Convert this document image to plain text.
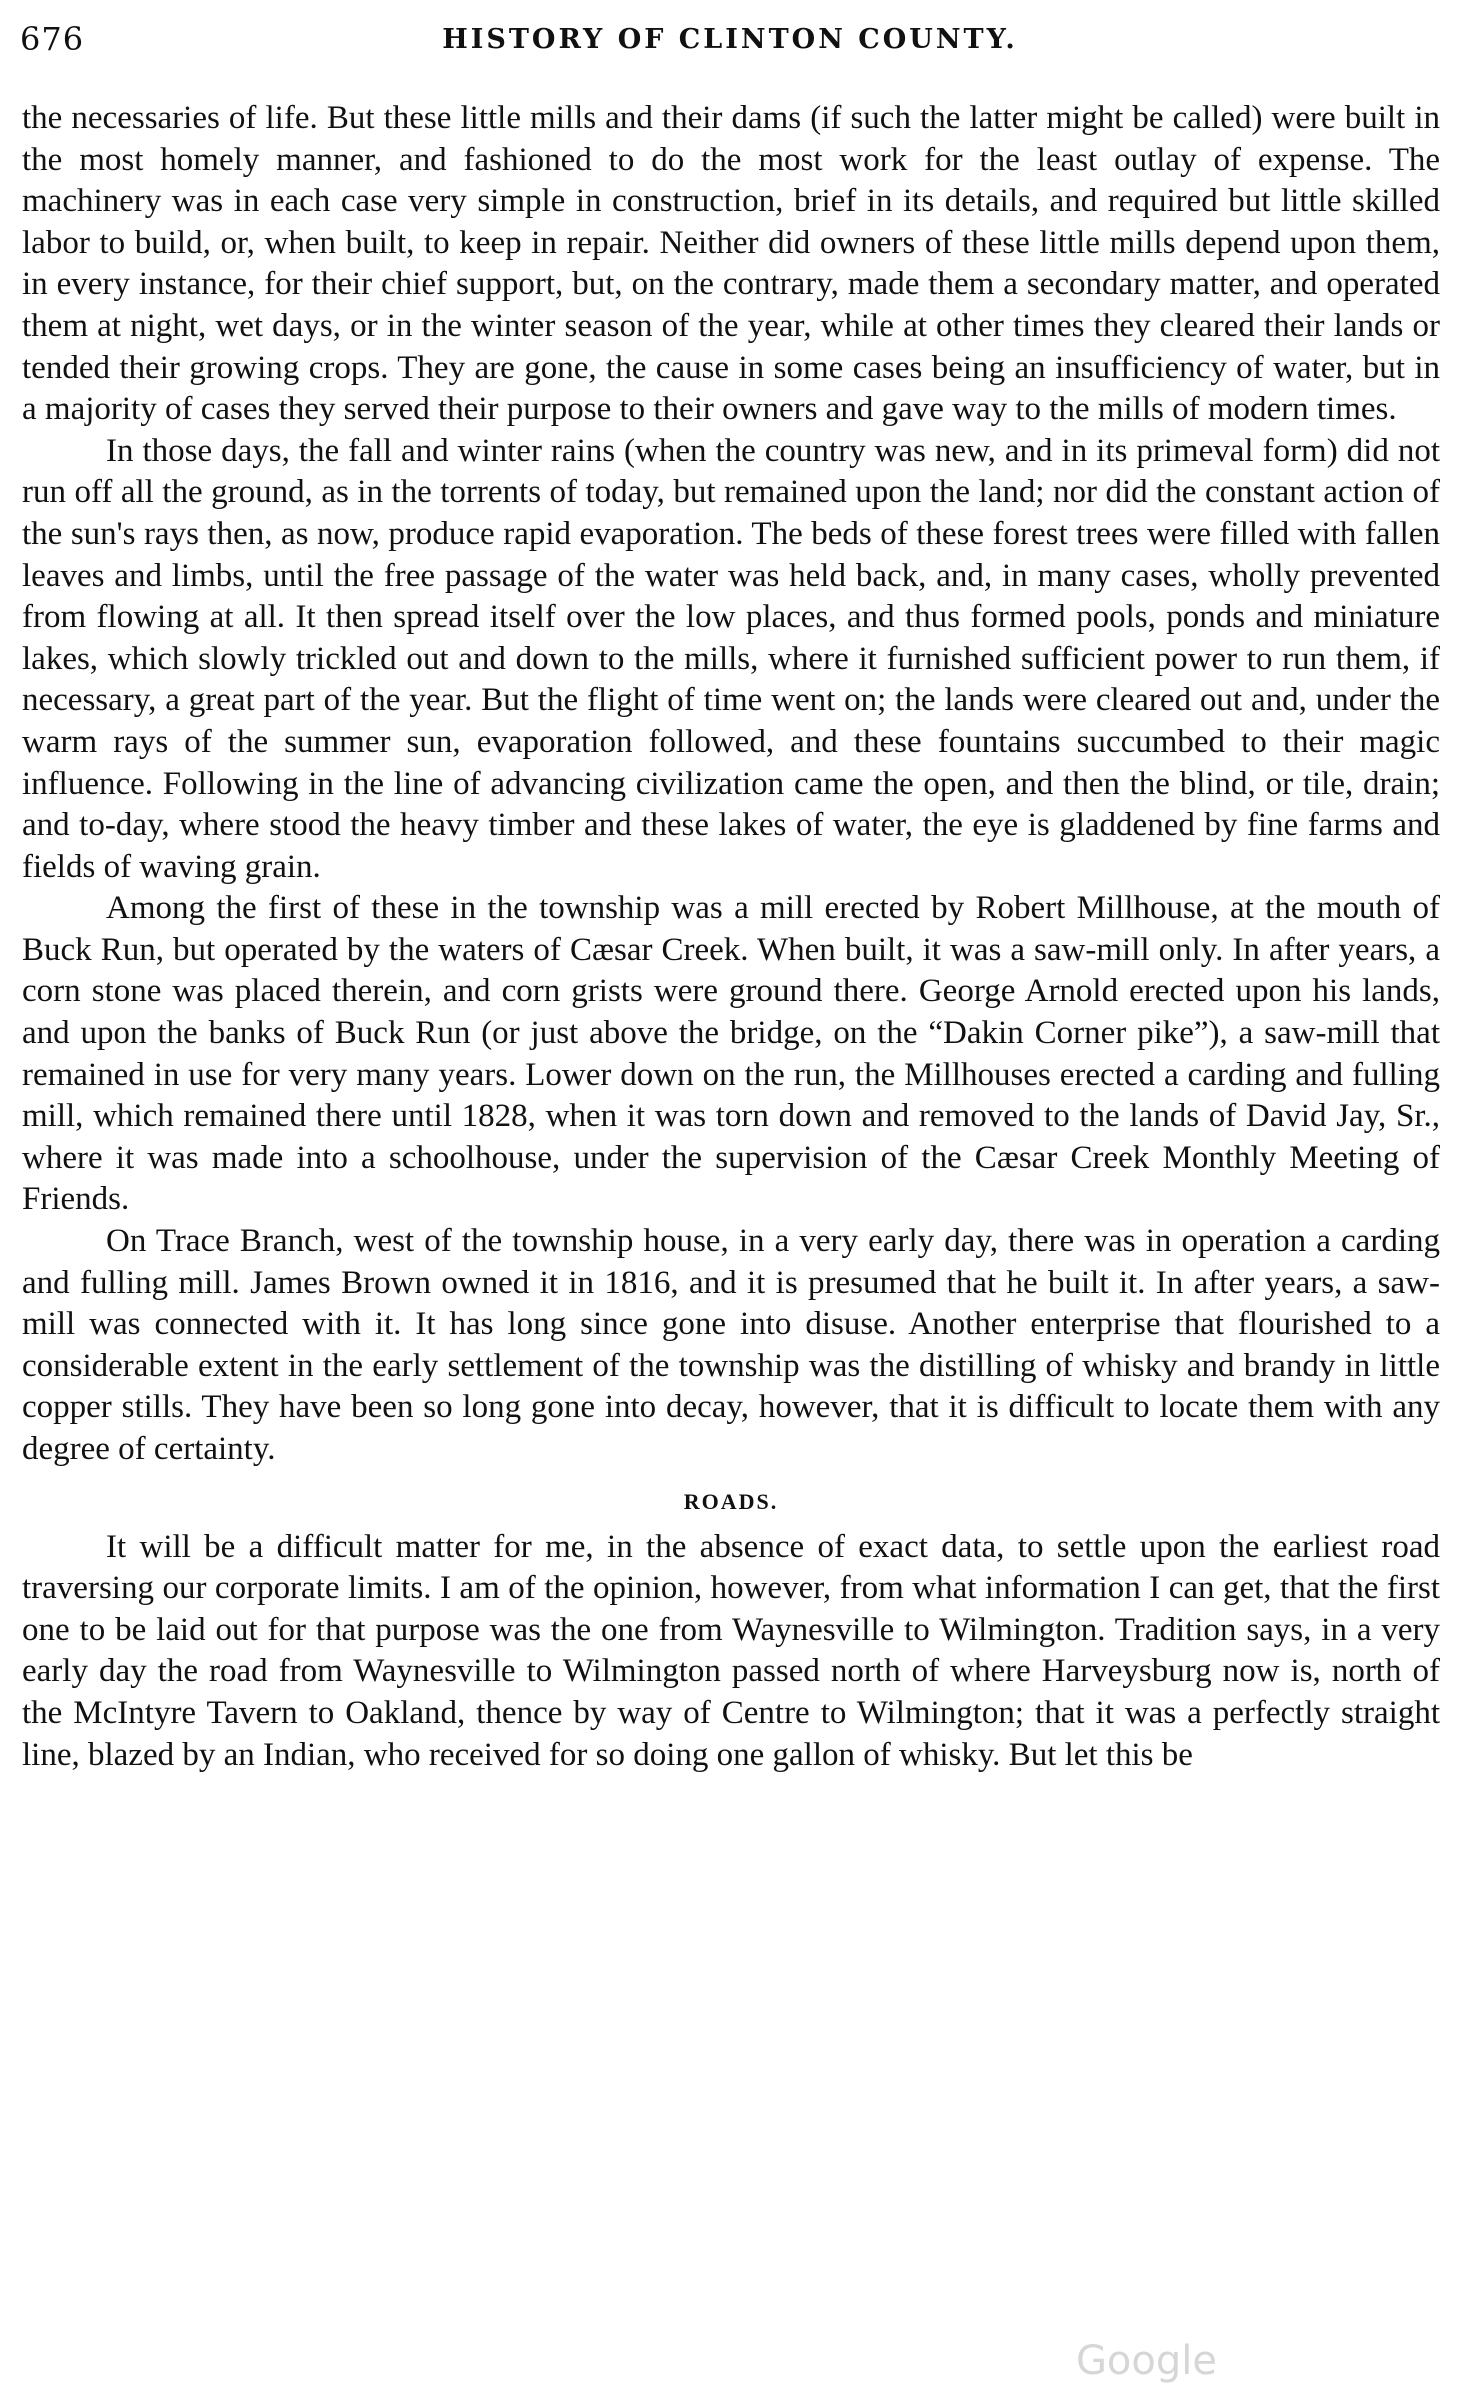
676	HISTORY OF CLINTON COUNTY.

the necessaries of life. But these little mills and their dams (if such the latter might be called) were built in the most homely manner, and fashioned to do the most work for the least outlay of expense. The machinery was in each case very simple in construction, brief in its details, and required but little skilled labor to build, or, when built, to keep in repair. Neither did owners of these little mills depend upon them, in every instance, for their chief support, but, on the contrary, made them a secondary matter, and operated them at night, wet days, or in the winter season of the year, while at other times they cleared their lands or tended their growing crops. They are gone, the cause in some cases being an insufficiency of water, but in a majority of cases they served their purpose to their owners and gave way to the mills of modern times.

In those days, the fall and winter rains (when the country was new, and in its primeval form) did not run off all the ground, as in the torrents of today, but remained upon the land; nor did the constant action of the sun's rays then, as now, produce rapid evaporation. The beds of these forest trees were filled with fallen leaves and limbs, until the free passage of the water was held back, and, in many cases, wholly prevented from flowing at all. It then spread itself over the low places, and thus formed pools, ponds and miniature lakes, which slowly trickled out and down to the mills, where it furnished sufficient power to run them, if necessary, a great part of the year. But the flight of time went on; the lands were cleared out and, under the warm rays of the summer sun, evaporation followed, and these fountains succumbed to their magic influence. Following in the line of advancing civilization came the open, and then the blind, or tile, drain; and to-day, where stood the heavy timber and these lakes of water, the eye is gladdened by fine farms and fields of waving grain.

Among the first of these in the township was a mill erected by Robert Millhouse, at the mouth of Buck Run, but operated by the waters of Cæsar Creek. When built, it was a saw-mill only. In after years, a corn stone was placed therein, and corn grists were ground there. George Arnold erected upon his lands, and upon the banks of Buck Run (or just above the bridge, on the “Dakin Corner pike”), a saw-mill that remained in use for very many years. Lower down on the run, the Millhouses erected a carding and fulling mill, which remained there until 1828, when it was torn down and removed to the lands of David Jay, Sr., where it was made into a schoolhouse, under the supervision of the Cæsar Creek Monthly Meeting of Friends.

On Trace Branch, west of the township house, in a very early day, there was in operation a carding and fulling mill. James Brown owned it in 1816, and it is presumed that he built it. In after years, a saw-mill was connected with it. It has long since gone into disuse. Another enterprise that flourished to a considerable extent in the early settlement of the township was the distilling of whisky and brandy in little copper stills. They have been so long gone into decay, however, that it is difficult to locate them with any degree of certainty.

ROADS.

It will be a difficult matter for me, in the absence of exact data, to settle upon the earliest road traversing our corporate limits. I am of the opinion, however, from what information I can get, that the first one to be laid out for that purpose was the one from Waynesville to Wilmington. Tradition says, in a very early day the road from Waynesville to Wilmington passed north of where Harveysburg now is, north of the McIntyre Tavern to Oakland, thence by way of Centre to Wilmington; that it was a perfectly straight line, blazed by an Indian, who received for so doing one gallon of whisky. But let this be

Google
